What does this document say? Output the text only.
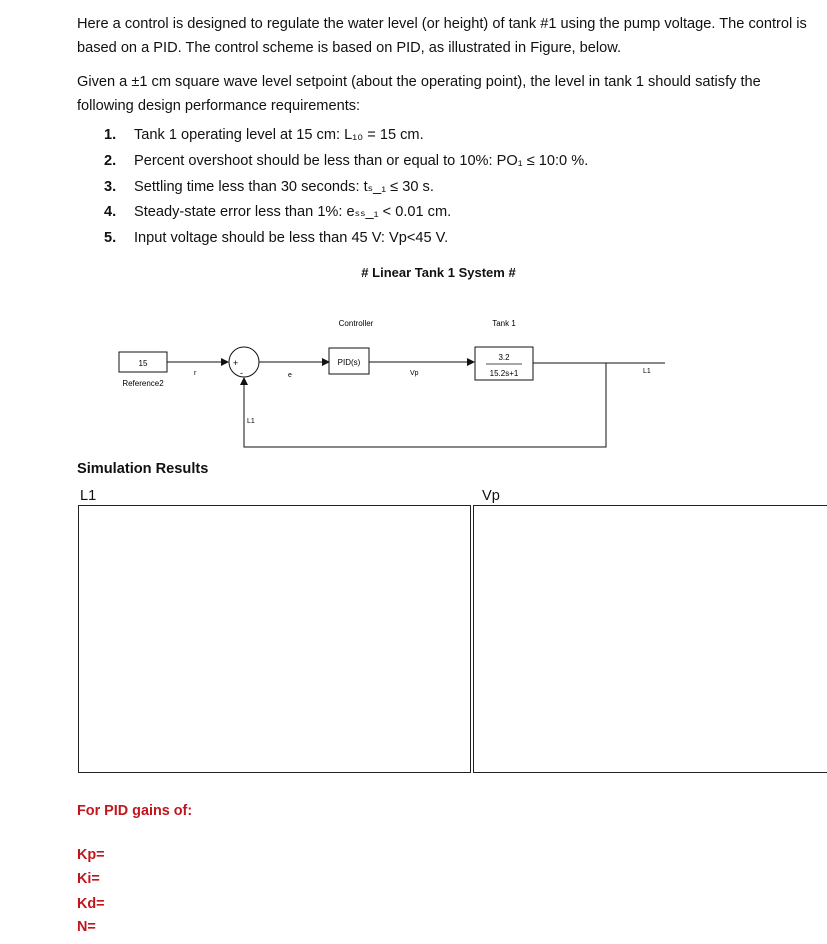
Here a control is designed to regulate the water level (or height) of tank #1 using the pump voltage. The control is based on a PID. The control scheme is based on PID, as illustrated in Figure, below.
Given a ±1 cm square wave level setpoint (about the operating point), the level in tank 1 should satisfy the following design performance requirements:
1. Tank 1 operating level at 15 cm: L₁₀ = 15 cm.
2. Percent overshoot should be less than or equal to 10%: PO₁ ≤ 10:0 %.
3. Settling time less than 30 seconds: tₛ_₁ ≤ 30 s.
4. Steady-state error less than 1%: eₛₛ_₁ < 0.01 cm.
5. Input voltage should be less than 45 V: Vp<45 V.
# Linear Tank 1 System #
15
Reference2
r
+
-	e
Controller
PID(s)
Vp
Tank 1
3.2
15.2s+1	L1
L1
Simulation Results
L1	Vp
For PID gains of:
Kp=
Ki=
Kd=
N=
